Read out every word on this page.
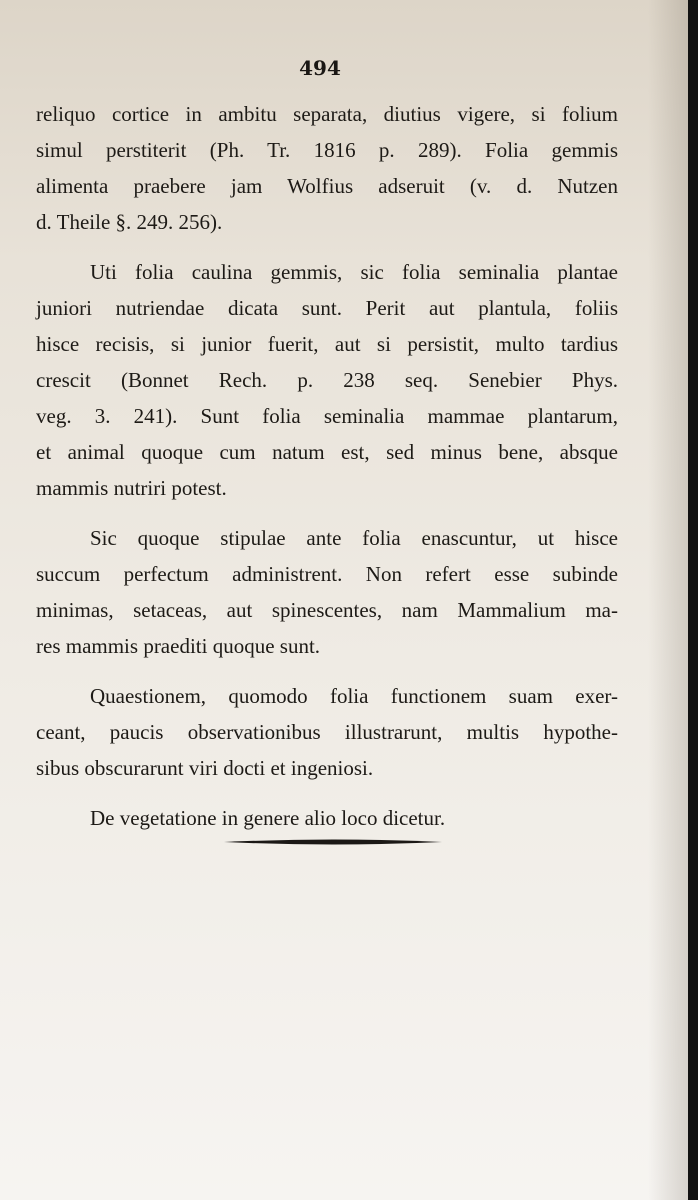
494
reliquo cortice in ambitu separata, diutius vigere, si folium
simul perstiterit (Ph. Tr. 1816 p. 289). Folia gemmis
alimenta praebere jam Wolfius adseruit (v. d. Nutzen
d. Theile §. 249. 256).
Uti folia caulina gemmis, sic folia seminalia plantae
juniori nutriendae dicata sunt. Perit aut plantula, foliis
hisce recisis, si junior fuerit, aut si persistit, multo tardius
crescit (Bonnet Rech. p. 238 seq. Senebier Phys.
veg. 3. 241). Sunt folia seminalia mammae plantarum,
et animal quoque cum natum est, sed minus bene, absque
mammis nutriri potest.
Sic quoque stipulae ante folia enascuntur, ut hisce
succum perfectum administrent. Non refert esse subinde
minimas, setaceas, aut spinescentes, nam Mammalium ma-
res mammis praediti quoque sunt.
Quaestionem, quomodo folia functionem suam exer-
ceant, paucis observationibus illustrarunt, multis hypothe-
sibus obscurarunt viri docti et ingeniosi.
De vegetatione in genere alio loco dicetur.
